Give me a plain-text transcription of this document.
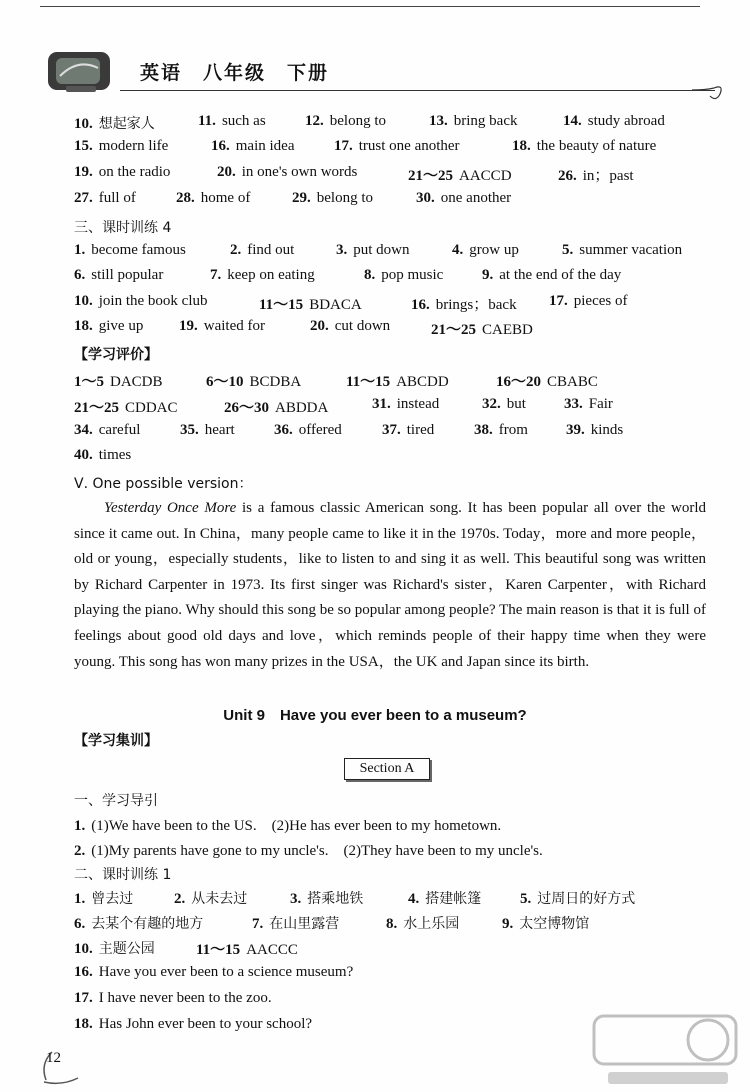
英语　八年级　下册
10. 想起家人	11. such as	12. belong to	13. bring back	14. study abroad
15. modern life	16. main idea	17. trust one another	18. the beauty of nature
19. on the radio	20. in one's own words	21～25 AACCD	26. in；past
27. full of	28. home of	29. belong to	30. one another
三、课时训练 4
1. become famous	2. find out	3. put down	4. grow up	5. summer vacation
6. still popular	7. keep on eating	8. pop music	9. at the end of the day
10. join the book club	11～15 BDACA	16. brings；back 17. pieces of
18. give up 19. waited for	20. cut down	21～25 CAEBD
【学习评价】
1～5 DACDB	6～10 BCDBA	11～15 ABCDD	16～20 CBABC
21～25 CDDAC	26～30 ABDDA	31. instead	32. but	33. Fair
34. careful	35. heart	36. offered	37. tired	38. from	39. kinds
40. times
Ⅴ. One possible version：
Yesterday Once More is a famous classic American song. It has been popular all over the world since it came out. In China，many people came to like it in the 1970s. Today，more and more people，old or young，especially students，like to listen to and sing it as well. This beautiful song was written by Richard Carpenter in 1973. Its first singer was Richard's sister，Karen Carpenter，with Richard playing the piano. Why should this song be so popular among people? The main reason is that it is full of feelings about good old days and love，which reminds people of their happy time when they were young. This song has won many prizes in the USA，the UK and Japan since its birth.
Unit 9　Have you ever been to a museum?
【学习集训】
Section A
一、学习导引
1. (1)We have been to the US.　(2)He has ever been to my hometown.
2. (1)My parents have gone to my uncle's.　(2)They have been to my uncle's.
二、课时训练 1
1. 曾去过	2. 从未去过	3. 搭乘地铁	4. 搭建帐篷	5. 过周日的好方式
6. 去某个有趣的地方	7. 在山里露营	8. 水上乐园	9. 太空博物馆
10. 主题公园	11～15 AACCC
16. Have you ever been to a science museum?
17. I have never been to the zoo.
18. Has John ever been to your school?
12
